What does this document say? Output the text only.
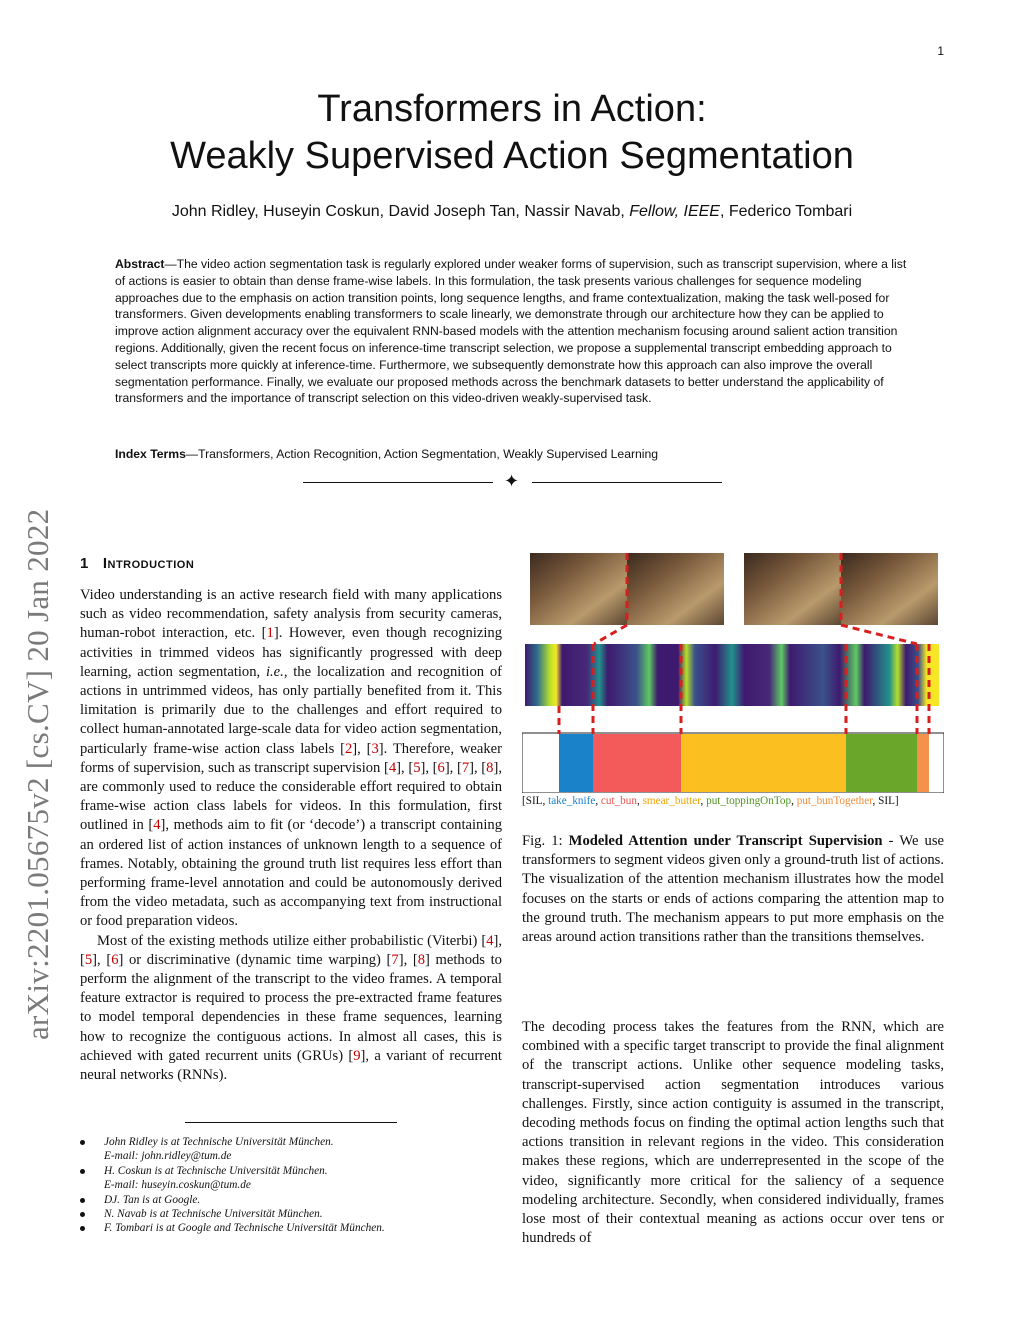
1
Transformers in Action:
Weakly Supervised Action Segmentation
John Ridley, Huseyin Coskun, David Joseph Tan, Nassir Navab, Fellow, IEEE, Federico Tombari
Abstract—The video action segmentation task is regularly explored under weaker forms of supervision, such as transcript supervision, where a list of actions is easier to obtain than dense frame-wise labels. In this formulation, the task presents various challenges for sequence modeling approaches due to the emphasis on action transition points, long sequence lengths, and frame contextualization, making the task well-posed for transformers. Given developments enabling transformers to scale linearly, we demonstrate through our architecture how they can be applied to improve action alignment accuracy over the equivalent RNN-based models with the attention mechanism focusing around salient action transition regions. Additionally, given the recent focus on inference-time transcript selection, we propose a supplemental transcript embedding approach to select transcripts more quickly at inference-time. Furthermore, we subsequently demonstrate how this approach can also improve the overall segmentation performance. Finally, we evaluate our proposed methods across the benchmark datasets to better understand the applicability of transformers and the importance of transcript selection on this video-driven weakly-supervised task.
Index Terms—Transformers, Action Recognition, Action Segmentation, Weakly Supervised Learning
✦
arXiv:2201.05675v2 [cs.CV] 20 Jan 2022 1 Introduction

Video understanding is an active research field with many applications such as video recommendation, safety analysis from security cameras, human-robot interaction, etc. [1]. However, even though recognizing activities in trimmed videos has significantly progressed with deep learning, action segmentation, i.e., the localization and recognition of actions in untrimmed videos, has only partially benefited from it. This limitation is primarily due to the challenges and effort required to collect human-annotated large-scale data for video action segmentation, particularly frame-wise action class labels [2], [3]. Therefore, weaker forms of supervision, such as transcript supervision [4], [5], [6], [7], [8], are commonly used to reduce the considerable effort required to obtain frame-wise action class labels for videos. In this formulation, first outlined in [4], methods aim to fit (or ‘decode’) a transcript containing an ordered list of action instances of unknown length to a sequence of frames. Notably, obtaining the ground truth list requires less effort than performing frame-level annotation and could be autonomously derived from the video metadata, such as accompanying text from instructional or food preparation videos.

Most of the existing methods utilize either probabilistic (Viterbi) [4], [5], [6] or discriminative (dynamic time warping) [7], [8] methods to perform the alignment of the transcript to the video frames. A temporal feature extractor is required to process the pre-extracted frame features to model temporal dependencies in these frame sequences, learning how to recognize the contiguous actions. In almost all cases, this is achieved with gated recurrent units (GRUs) [9], a variant of recurrent neural networks (RNNs).

John Ridley is at Technische Universität München.
E-mail: john.ridley@tum.de
H. Coskun is at Technische Universität München.
E-mail: huseyin.coskun@tum.de
DJ. Tan is at Google.
N. Navab is at Technische Universität München.
F. Tombari is at Google and Technische Universität München.
[SIL, take_knife, cut_bun, smear_butter, put_toppingOnTop, put_bunTogether, SIL]
Fig. 1: Modeled Attention under Transcript Supervision - We use transformers to segment videos given only a ground-truth list of actions. The visualization of the attention mechanism illustrates how the model focuses on the starts or ends of actions comparing the attention map to the ground truth. The mechanism appears to put more emphasis on the areas around action transitions rather than the transitions themselves.
The decoding process takes the features from the RNN, which are combined with a specific target transcript to provide the final alignment of the transcript actions. Unlike other sequence modeling tasks, transcript-supervised action segmentation introduces various challenges. Firstly, since action contiguity is assumed in the transcript, decoding methods focus on finding the optimal action lengths such that actions transition in relevant regions in the video. This consideration makes these regions, which are underrepresented in the scope of the video, significantly more critical for the saliency of a sequence modeling architecture. Secondly, when considered individually, frames lose most of their contextual meaning as actions occur over tens or hundreds of
